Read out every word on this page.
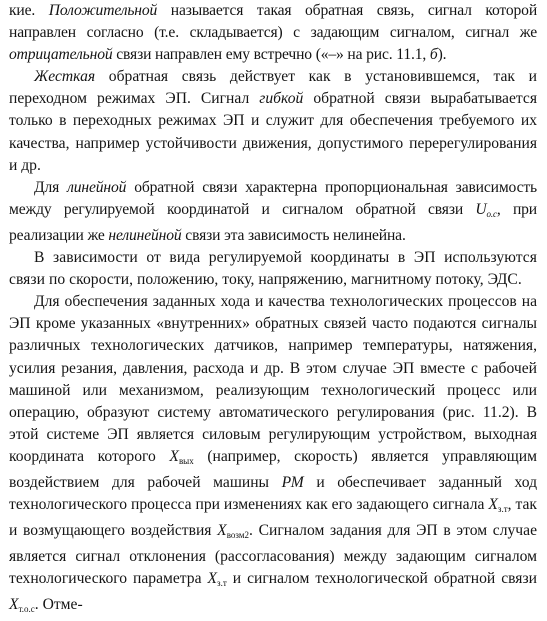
кие. Положительной называется такая обратная связь, сигнал которой направлен согласно (т.е. складывается) с задающим сигналом, сигнал же отрицательной связи направлен ему встречно («–» на рис. 11.1, б).

Жесткая обратная связь действует как в установившемся, так и переходном режимах ЭП. Сигнал гибкой обратной связи вырабатывается только в переходных режимах ЭП и служит для обеспечения требуемого их качества, например устойчивости движения, допустимого перерегулирования и др.

Для линейной обратной связи характерна пропорциональная зависимость между регулируемой координатой и сигналом обратной связи $U_{о.с}$, при реализации же нелинейной связи эта зависимость нелинейна.

В зависимости от вида регулируемой координаты в ЭП используются связи по скорости, положению, току, напряжению, магнитному потоку, ЭДС.

Для обеспечения заданных хода и качества технологических процессов на ЭП кроме указанных «внутренних» обратных связей часто подаются сигналы различных технологических датчиков, например температуры, натяжения, усилия резания, давления, расхода и др. В этом случае ЭП вместе с рабочей машиной или механизмом, реализующим технологический процесс или операцию, образуют систему автоматического регулирования (рис. 11.2). В этой системе ЭП является силовым регулирующим устройством, выходная координата которого $X_{вых}$ (например, скорость) является управляющим воздействием для рабочей машины РМ и обеспечивает заданный ход технологического процесса при изменениях как его задающего сигнала $X_{з.т}$, так и возмущающего воздействия $X_{возм2}$. Сигналом задания для ЭП в этом случае является сигнал отклонения (рассогласования) между задающим сигналом технологического параметра $X_{з.т}$ и сигналом технологической обратной связи $X_{т.о.с}$. Отме-
